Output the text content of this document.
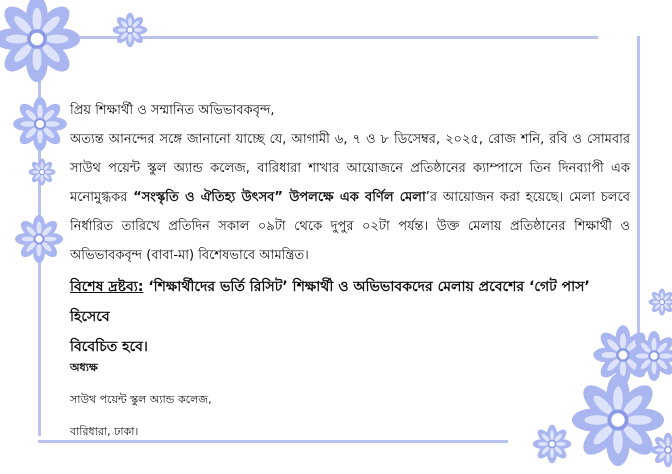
প্রিয় শিক্ষার্থী ও সম্মানিত অভিভাবকবৃন্দ,
অত্যন্ত আনন্দের সঙ্গে জানানো যাচ্ছে যে, আগামী ৬, ৭ ও ৮ ডিসেম্বর, ২০২৫, রোজ শনি, রবি ও সোমবার
সাউথ পয়েন্ট স্কুল অ্যান্ড কলেজ, বারিধারা শাখার আয়োজনে প্রতিষ্ঠানের ক্যাম্পাসে তিন দিনব্যাপী এক
মনোমুগ্ধকর “সংস্কৃতি ও ঐতিহ্য উৎসব” উপলক্ষে এক বর্ণিল মেলা’র আয়োজন করা হয়েছে। মেলা চলবে
নির্ধারিত তারিখে প্রতিদিন সকাল ০৯টা থেকে দুপুর ০২টা পর্যন্ত। উক্ত মেলায় প্রতিষ্ঠানের শিক্ষার্থী ও
অভিভাবকবৃন্দ (বাবা-মা) বিশেষভাবে আমন্ত্রিত।
বিশেষ দ্রষ্টব্য: ‘শিক্ষার্থীদের ভর্তি রিসিট’ শিক্ষার্থী ও অভিভাবকদের মেলায় প্রবেশের ‘গেট পাস’ হিসেবে
বিবেচিত হবে।
অধ্যক্ষ
সাউথ পয়েন্ট স্কুল অ্যান্ড কলেজ,
বারিধারা, ঢাকা।
